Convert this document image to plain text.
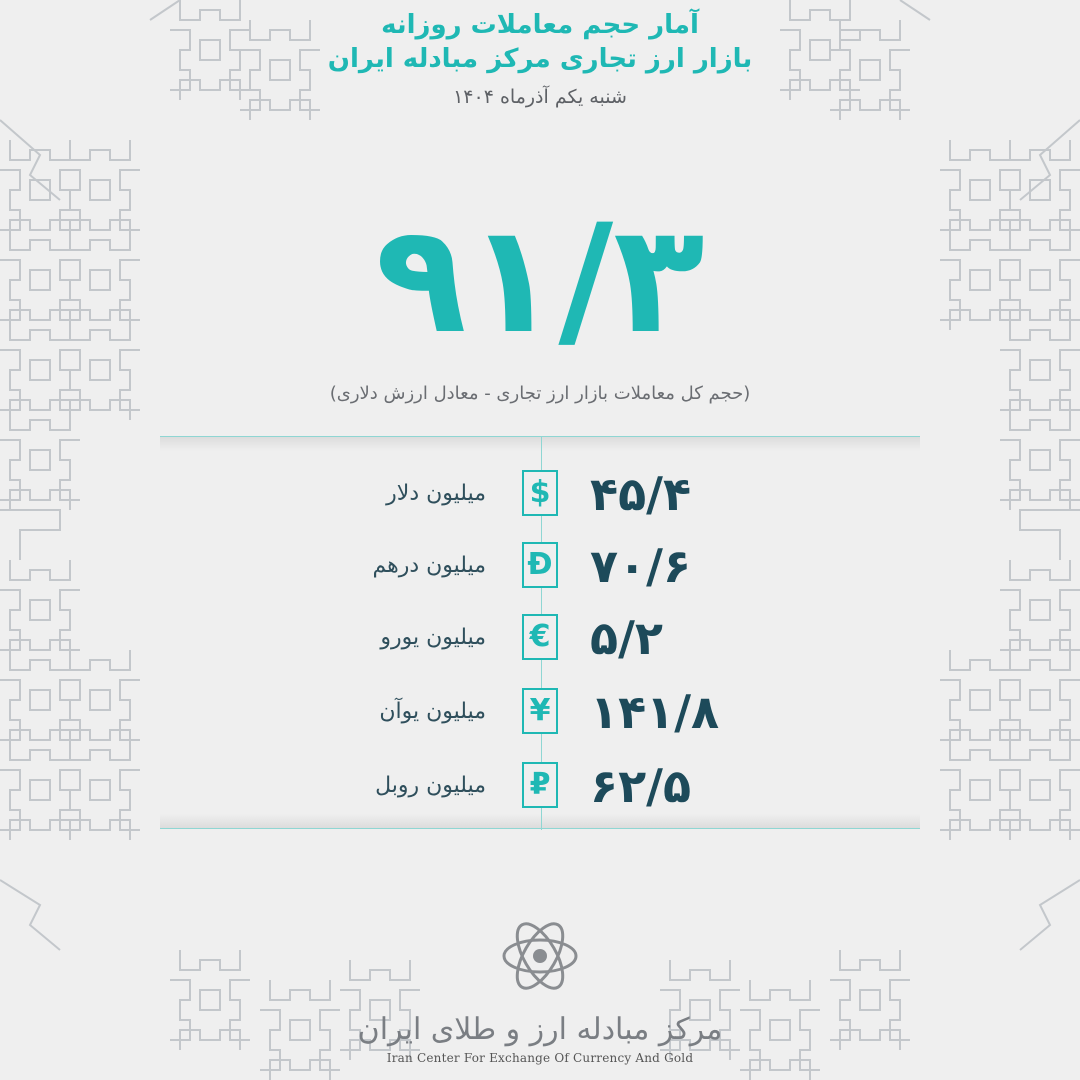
آمار حجم معاملات روزانه
بازار ارز تجاری مرکز مبادله ایران
شنبه یکم آذرماه ۱۴۰۴
۹۱/۳
(حجم کل معاملات بازار ارز تجاری - معادل ارزش دلاری)
میلیون دلار $ ۴۵/۴
میلیون درهم Đ ۷۰/۶
میلیون یورو € ۵/۲
میلیون یوآن ¥ ۱۴۱/۸
میلیون روبل ₽ ۶۲/۵
مرکز مبادله ارز و طلای ایران
Iran Center For Exchange Of Currency And Gold
